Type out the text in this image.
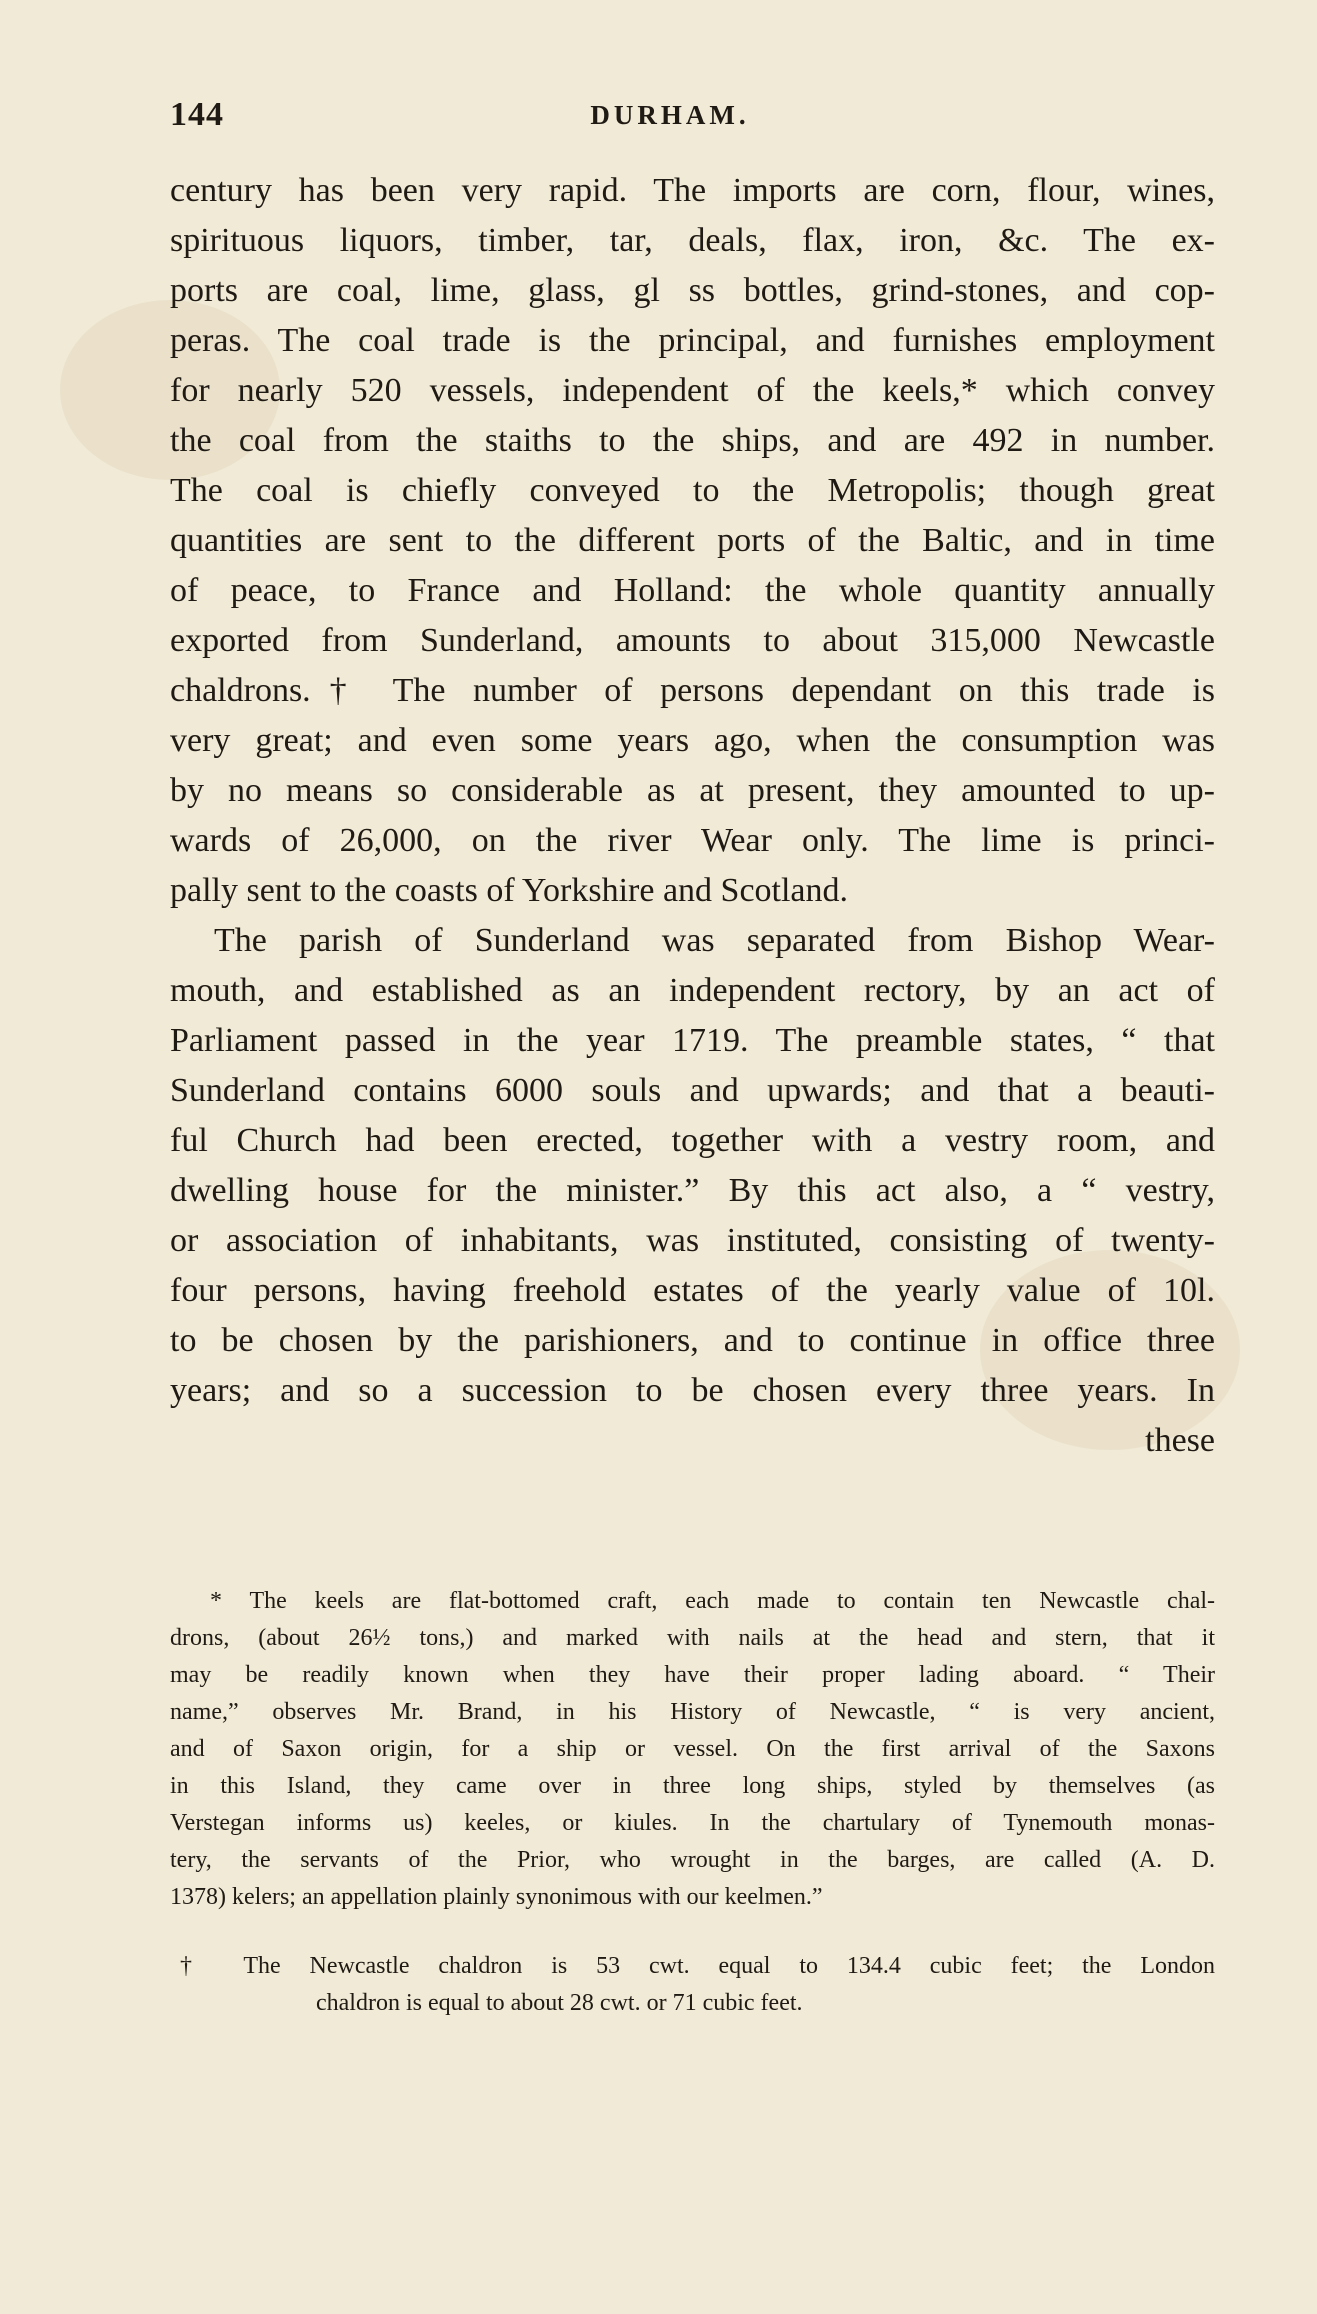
144	DURHAM.
century has been very rapid. The imports are corn, flour, wines,
spirituous liquors, timber, tar, deals, flax, iron, &c. The ex-
ports are coal, lime, glass, gl ss bottles, grind-stones, and cop-
peras. The coal trade is the principal, and furnishes employment
for nearly 520 vessels, independent of the keels,* which convey
the coal from the staiths to the ships, and are 492 in number.
The coal is chiefly conveyed to the Metropolis; though great
quantities are sent to the different ports of the Baltic, and in time
of peace, to France and Holland: the whole quantity annually
exported from Sunderland, amounts to about 315,000 Newcastle
chaldrons.† The number of persons dependant on this trade is
very great; and even some years ago, when the consumption was
by no means so considerable as at present, they amounted to up-
wards of 26,000, on the river Wear only. The lime is princi-
pally sent to the coasts of Yorkshire and Scotland.
The parish of Sunderland was separated from Bishop Wear-
mouth, and established as an independent rectory, by an act of
Parliament passed in the year 1719. The preamble states, “ that
Sunderland contains 6000 souls and upwards; and that a beauti-
ful Church had been erected, together with a vestry room, and
dwelling house for the minister.” By this act also, a “ vestry,
or association of inhabitants, was instituted, consisting of twenty-
four persons, having freehold estates of the yearly value of 10l.
to be chosen by the parishioners, and to continue in office three
years; and so a succession to be chosen every three years. In
these
* The keels are flat-bottomed craft, each made to contain ten Newcastle chal-
drons, (about 26½ tons,) and marked with nails at the head and stern, that it
may be readily known when they have their proper lading aboard. “ Their
name,” observes Mr. Brand, in his History of Newcastle, “ is very ancient,
and of Saxon origin, for a ship or vessel. On the first arrival of the Saxons
in this Island, they came over in three long ships, styled by themselves (as
Verstegan informs us) keeles, or kiules. In the chartulary of Tynemouth monas-
tery, the servants of the Prior, who wrought in the barges, are called (A. D.
1378) kelers; an appellation plainly synonimous with our keelmen.”
† The Newcastle chaldron is 53 cwt. equal to 134.4 cubic feet; the London
chaldron is equal to about 28 cwt. or 71 cubic feet.
